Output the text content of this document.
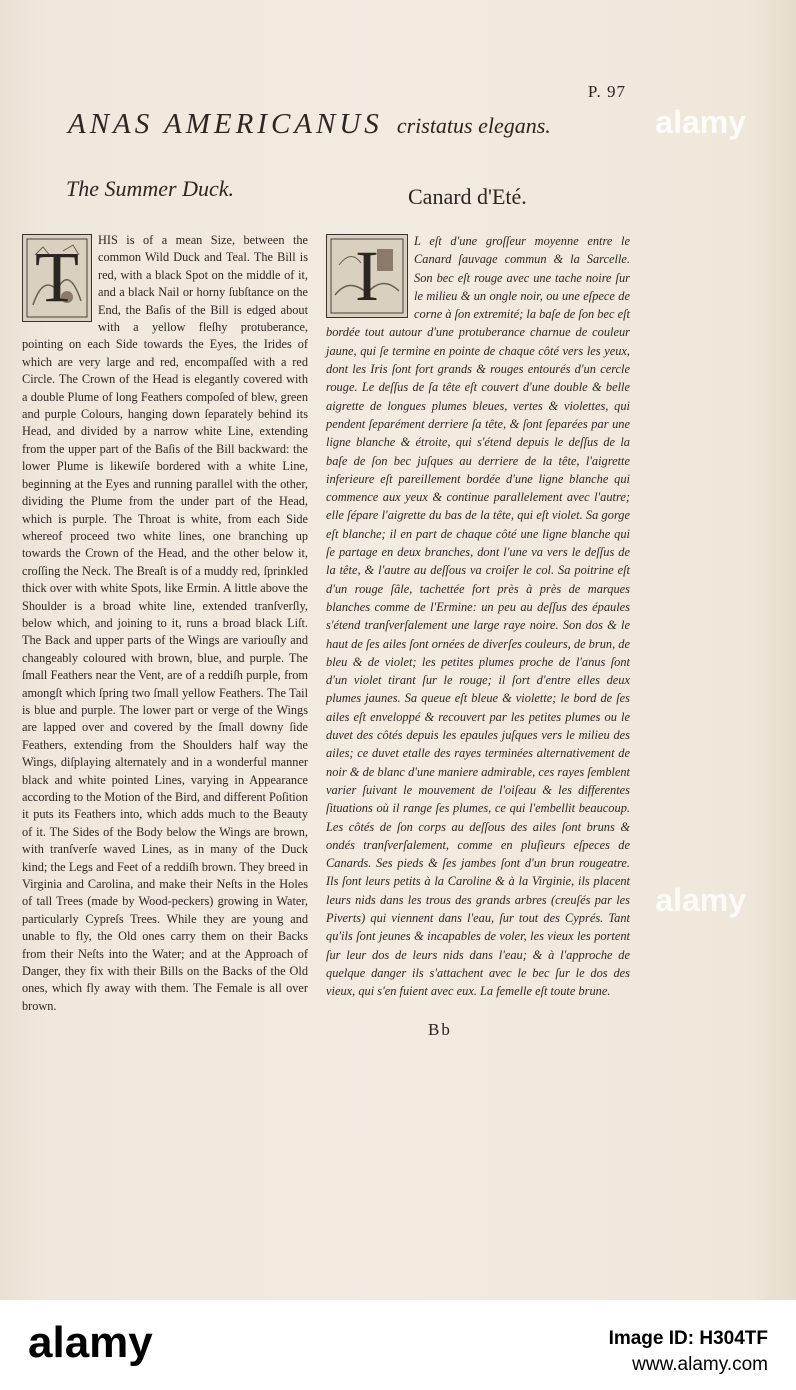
P. 97
alamy
ANAS AMERICANUS cristatus elegans.
The Summer Duck.	Canard d'Eté.
T	HIS is of a mean Size, between the common Wild Duck and Teal. The Bill is red, with a black Spot on the middle of it, and a black Nail or horny ſubſtance on the End, the Baſis of the Bill is edged about with a yellow fleſhy protuberance, pointing on each Side towards the Eyes, the Irides of which are very large and red, encompaſſed with a red Circle. The Crown of the Head is elegantly covered with a double Plume of long Feathers compoſed of blew, green and purple Colours, hanging down ſeparately behind its Head, and divided by a narrow white Line, extending from the upper part of the Baſis of the Bill backward: the lower Plume is likewiſe bordered with a white Line, beginning at the Eyes and running parallel with the other, dividing the Plume from the under part of the Head, which is purple. The Throat is white, from each Side whereof proceed two white lines, one branching up towards the Crown of the Head, and the other below it, croſſing the Neck. The Breaſt is of a muddy red, ſprinkled thick over with white Spots, like Ermin. A little above the Shoulder is a broad white line, extended tranſverſly, below which, and joining to it, runs a broad black Liſt. The Back and upper parts of the Wings are variouſly and changeably coloured with brown, blue, and purple. The ſmall Feathers near the Vent, are of a reddiſh purple, from amongſt which ſpring two ſmall yellow Feathers. The Tail is blue and purple. The lower part or verge of the Wings are lapped over and covered by the ſmall downy ſide Feathers, extending from the Shoulders half way the Wings, diſplaying alternately and in a wonderful manner black and white pointed Lines, varying in Appearance according to the Motion of the Bird, and different Poſition it puts its Feathers into, which adds much to the Beauty of it. The Sides of the Body below the Wings are brown, with tranſverſe waved Lines, as in many of the Duck kind; the Legs and Feet of a reddiſh brown. They breed in Virginia and Carolina, and make their Neſts in the Holes of tall Trees (made by Wood-peckers) growing in Water, particularly Cypreſs Trees. While they are young and unable to fly, the Old ones carry them on their Backs from their Neſts into the Water; and at the Approach of Danger, they fix with their Bills on the Backs of the Old ones, which fly away with them. The Female is all over brown.
I	L eſt d'une groſſeur moyenne entre le Canard ſauvage commun & la Sarcelle. Son bec eſt rouge avec une tache noire ſur le milieu & un ongle noir, ou une eſpece de corne à ſon extremité; la baſe de ſon bec eſt bordée tout autour d'une protuberance charnue de couleur jaune, qui ſe termine en pointe de chaque côté vers les yeux, dont les Iris ſont fort grands & rouges entourés d'un cercle rouge. Le deſſus de ſa tête eſt couvert d'une double & belle aigrette de longues plumes bleues, vertes & violettes, qui pendent ſeparément derriere ſa tête, & ſont ſeparées par une ligne blanche & étroite, qui s'étend depuis le deſſus de la baſe de ſon bec juſques au derriere de la tête, l'aigrette inferieure eſt pareillement bordée d'une ligne blanche qui commence aux yeux & continue parallelement avec l'autre; elle ſépare l'aigrette du bas de la tête, qui eſt violet. Sa gorge eſt blanche; il en part de chaque côté une ligne blanche qui ſe partage en deux branches, dont l'une va vers le deſſus de la tête, & l'autre au deſſous va croiſer le col. Sa poitrine eſt d'un rouge ſâle, tachettée fort près à près de marques blanches comme de l'Ermine: un peu au deſſus des épaules s'étend tranſverſalement une large raye noire. Son dos & le haut de ſes ailes ſont ornées de diverſes couleurs, de brun, de bleu & de violet; les petites plumes proche de l'anus ſont d'un violet tirant ſur le rouge; il ſort d'entre elles deux plumes jaunes. Sa queue eſt bleue & violette; le bord de ſes ailes eſt enveloppé & recouvert par les petites plumes ou le duvet des côtés depuis les epaules juſques vers le milieu des ailes; ce duvet etalle des rayes terminées alternativement de noir & de blanc d'une maniere admirable, ces rayes ſemblent varier ſuivant le mouvement de l'oiſeau & les differentes ſituations où il range ſes plumes, ce qui l'embellit beaucoup. Les côtés de ſon corps au deſſous des ailes ſont bruns & ondés tranſverſalement, comme en pluſieurs eſpeces de Canards. Ses pieds & ſes jambes ſont d'un brun rougeatre. Ils ſont leurs petits à la Caroline & à la Virginie, ils placent leurs nids dans les trous des grands arbres (creuſés par les Piverts) qui viennent dans l'eau, ſur tout des Cyprés. Tant qu'ils ſont jeunes & incapables de voler, les vieux les portent ſur leur dos de leurs nids dans l'eau; & à l'approche de quelque danger ils s'attachent avec le bec ſur le dos des vieux, qui s'en fuient avec eux. La femelle eſt toute brune.
alamy
Bb
alamy	Image ID: H304TF
www.alamy.com
